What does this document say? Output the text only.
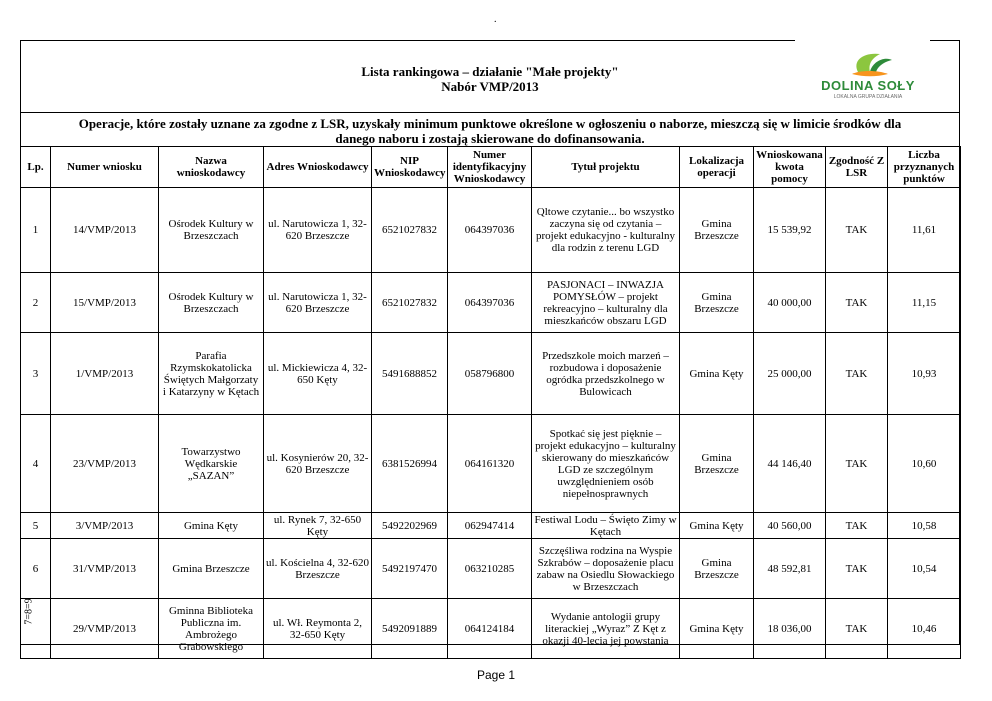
.
DOLINA SOŁY
LOKALNA GRUPA DZIAŁANIA
Lista rankingowa – działanie "Małe projekty"
Nabór VMP/2013
Operacje, które zostały uznane za zgodne z LSR, uzyskały minimum punktowe określone w ogłoszeniu o naborze, mieszczą się w limicie środków dla
danego naboru i zostają skierowane do dofinansowania.
Lp.	Numer wniosku	Nazwa wnioskodawcy	Adres Wnioskodawcy	NIP Wnioskodawcy	Numer identyfikacyjny Wnioskodawcy	Tytuł projektu	Lokalizacja operacji	Wnioskowana kwota pomocy	Zgodność Z LSR	Liczba przyznanych punktów
1	14/VMP/2013	Ośrodek Kultury w Brzeszczach	ul. Narutowicza 1, 32-620 Brzeszcze	6521027832	064397036	Qltowe czytanie... bo wszystko zaczyna się od czytania – projekt edukacyjno - kulturalny dla rodzin z terenu LGD	Gmina Brzeszcze	15 539,92	TAK	11,61
2	15/VMP/2013	Ośrodek Kultury w Brzeszczach	ul. Narutowicza 1, 32-620 Brzeszcze	6521027832	064397036	PASJONACI – INWAZJA POMYSŁÓW – projekt rekreacyjno – kulturalny dla mieszkańców obszaru LGD	Gmina Brzeszcze	40 000,00	TAK	11,15
3	1/VMP/2013	Parafia Rzymskokatolicka Świętych Małgorzaty i Katarzyny w Kętach	ul. Mickiewicza 4, 32-650 Kęty	5491688852	058796800	Przedszkole moich marzeń – rozbudowa i doposażenie ogródka przedszkolnego w Bulowicach	Gmina Kęty	25 000,00	TAK	10,93
4	23/VMP/2013	Towarzystwo Wędkarskie „SAZAN”	ul. Kosynierów 20, 32-620 Brzeszcze	6381526994	064161320	Spotkać się jest pięknie – projekt edukacyjno – kulturalny skierowany do mieszkańców LGD ze szczególnym uwzględnieniem osób niepełnosprawnych	Gmina Brzeszcze	44 146,40	TAK	10,60
5	3/VMP/2013	Gmina Kęty	ul. Rynek 7, 32-650 Kęty	5492202969	062947414	Festiwal Lodu – Święto Zimy w Kętach	Gmina Kęty	40 560,00	TAK	10,58
6	31/VMP/2013	Gmina Brzeszcze	ul. Kościelna 4, 32-620 Brzeszcze	5492197470	063210285	Szczęśliwa rodzina na Wyspie Szkrabów – doposażenie placu zabaw na Osiedlu Słowackiego w Brzeszczach	Gmina Brzeszcze	48 592,81	TAK	10,54
	29/VMP/2013	Gminna Biblioteka Publiczna im. Ambrożego Grabowskiego	ul. Wł. Reymonta 2, 32-650 Kęty	5492091889	064124184	Wydanie antologii grupy literackiej „Wyraz” Z Kęt z okazji 40-lecia jej powstania	Gmina Kęty	18 036,00	TAK	10,46
7=8=9
Page 1
